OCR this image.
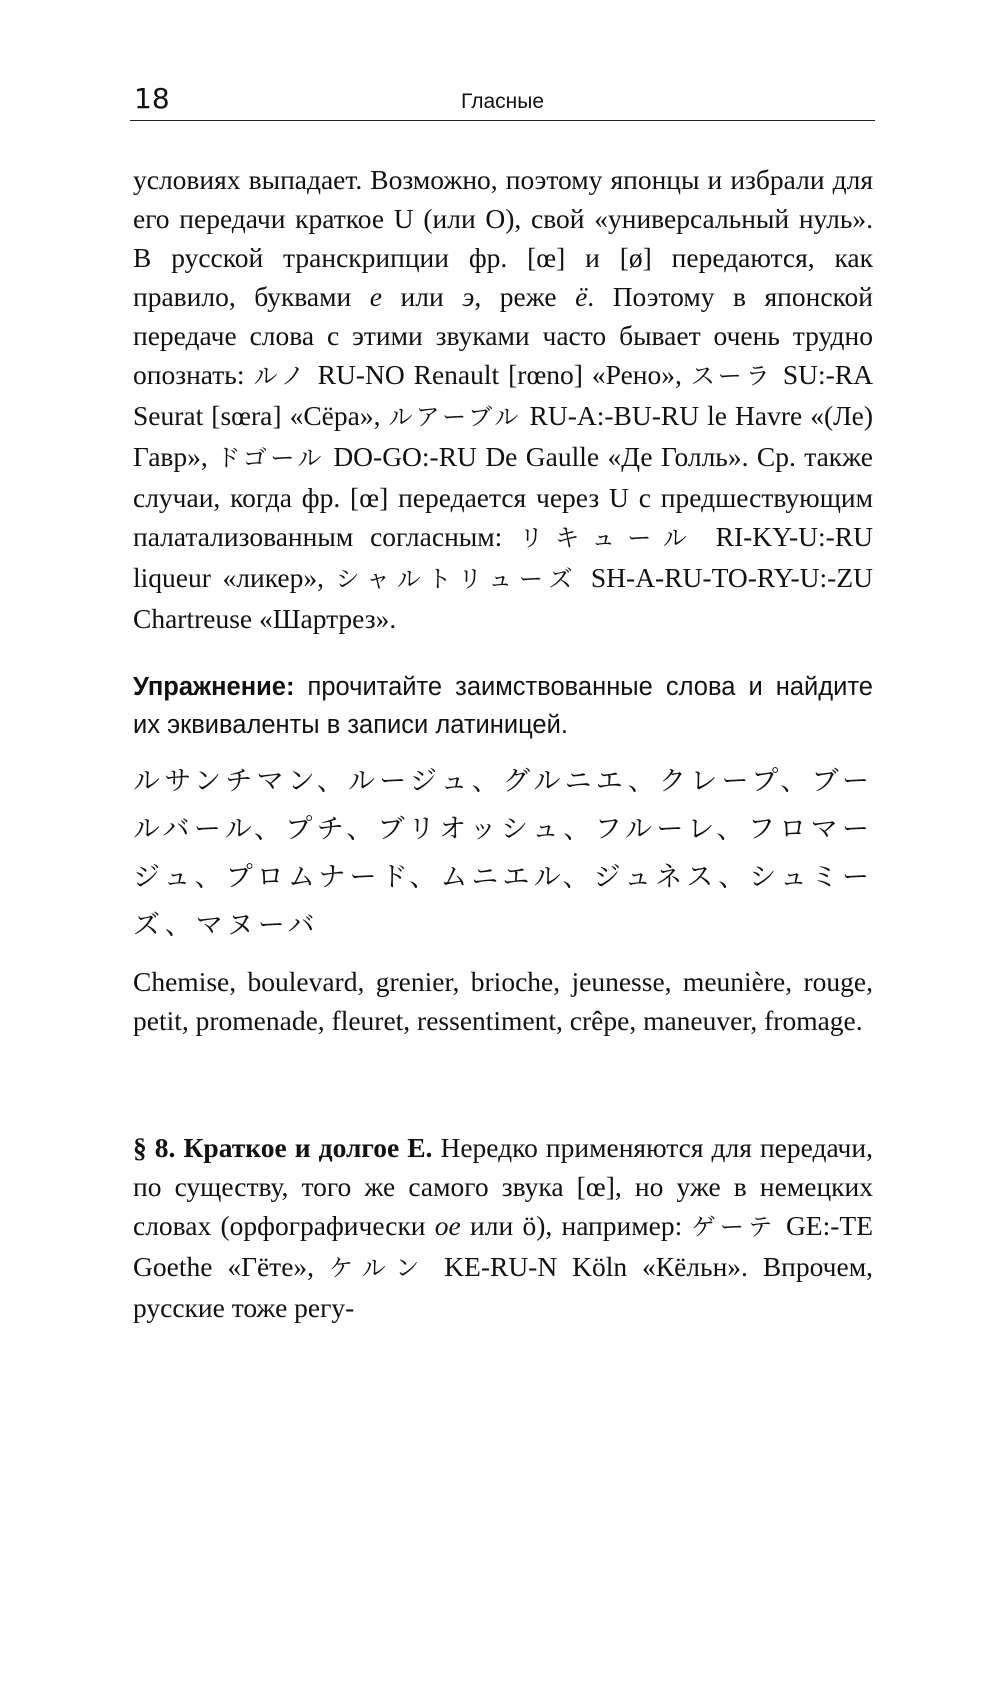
18	Гласные

условиях выпадает. Возможно, поэтому японцы и избрали для его передачи краткое U (или О), свой «универсальный нуль». В русской транскрипции фр. [œ] и [ø] передаются, как правило, буквами е или э, реже ё. Поэтому в японской передаче слова с этими звуками часто бывает очень трудно опознать: ルノ RU-NO Renault [rœno] «Рено», スーラ SU:-RA Seurat [sœra] «Сёра», ルアーブル RU-A:-BU-RU le Havre «(Ле) Гавр», ドゴール DO-GO:-RU De Gaulle «Де Голль». Ср. также случаи, когда фр. [œ] передается через U с предшествующим палатализованным согласным: リキュール RI-KY-U:-RU liqueur «ликер», シャルトリューズ SH-A-RU-TO-RY-U:-ZU Chartreuse «Шартрез».

Упражнение: прочитайте заимствованные слова и найдите их эквиваленты в записи латиницей.

ルサンチマン、ルージュ、グルニエ、クレープ、ブールバール、プチ、ブリオッシュ、フルーレ、フロマージュ、プロムナード、ムニエル、ジュネス、シュミーズ、マヌーバ

Chemise, boulevard, grenier, brioche, jeunesse, meunière, rouge, petit, promenade, fleuret, ressentiment, crêpe, maneuver, fromage.

§ 8. Краткое и долгое Е. Нередко применяются для передачи, по существу, того же самого звука [œ], но уже в немецких словах (орфографически oe или ö), например: ゲーテ GE:-TE Goethe «Гёте», ケルン KE-RU-N Köln «Кёльн». Впрочем, русские тоже регу-
